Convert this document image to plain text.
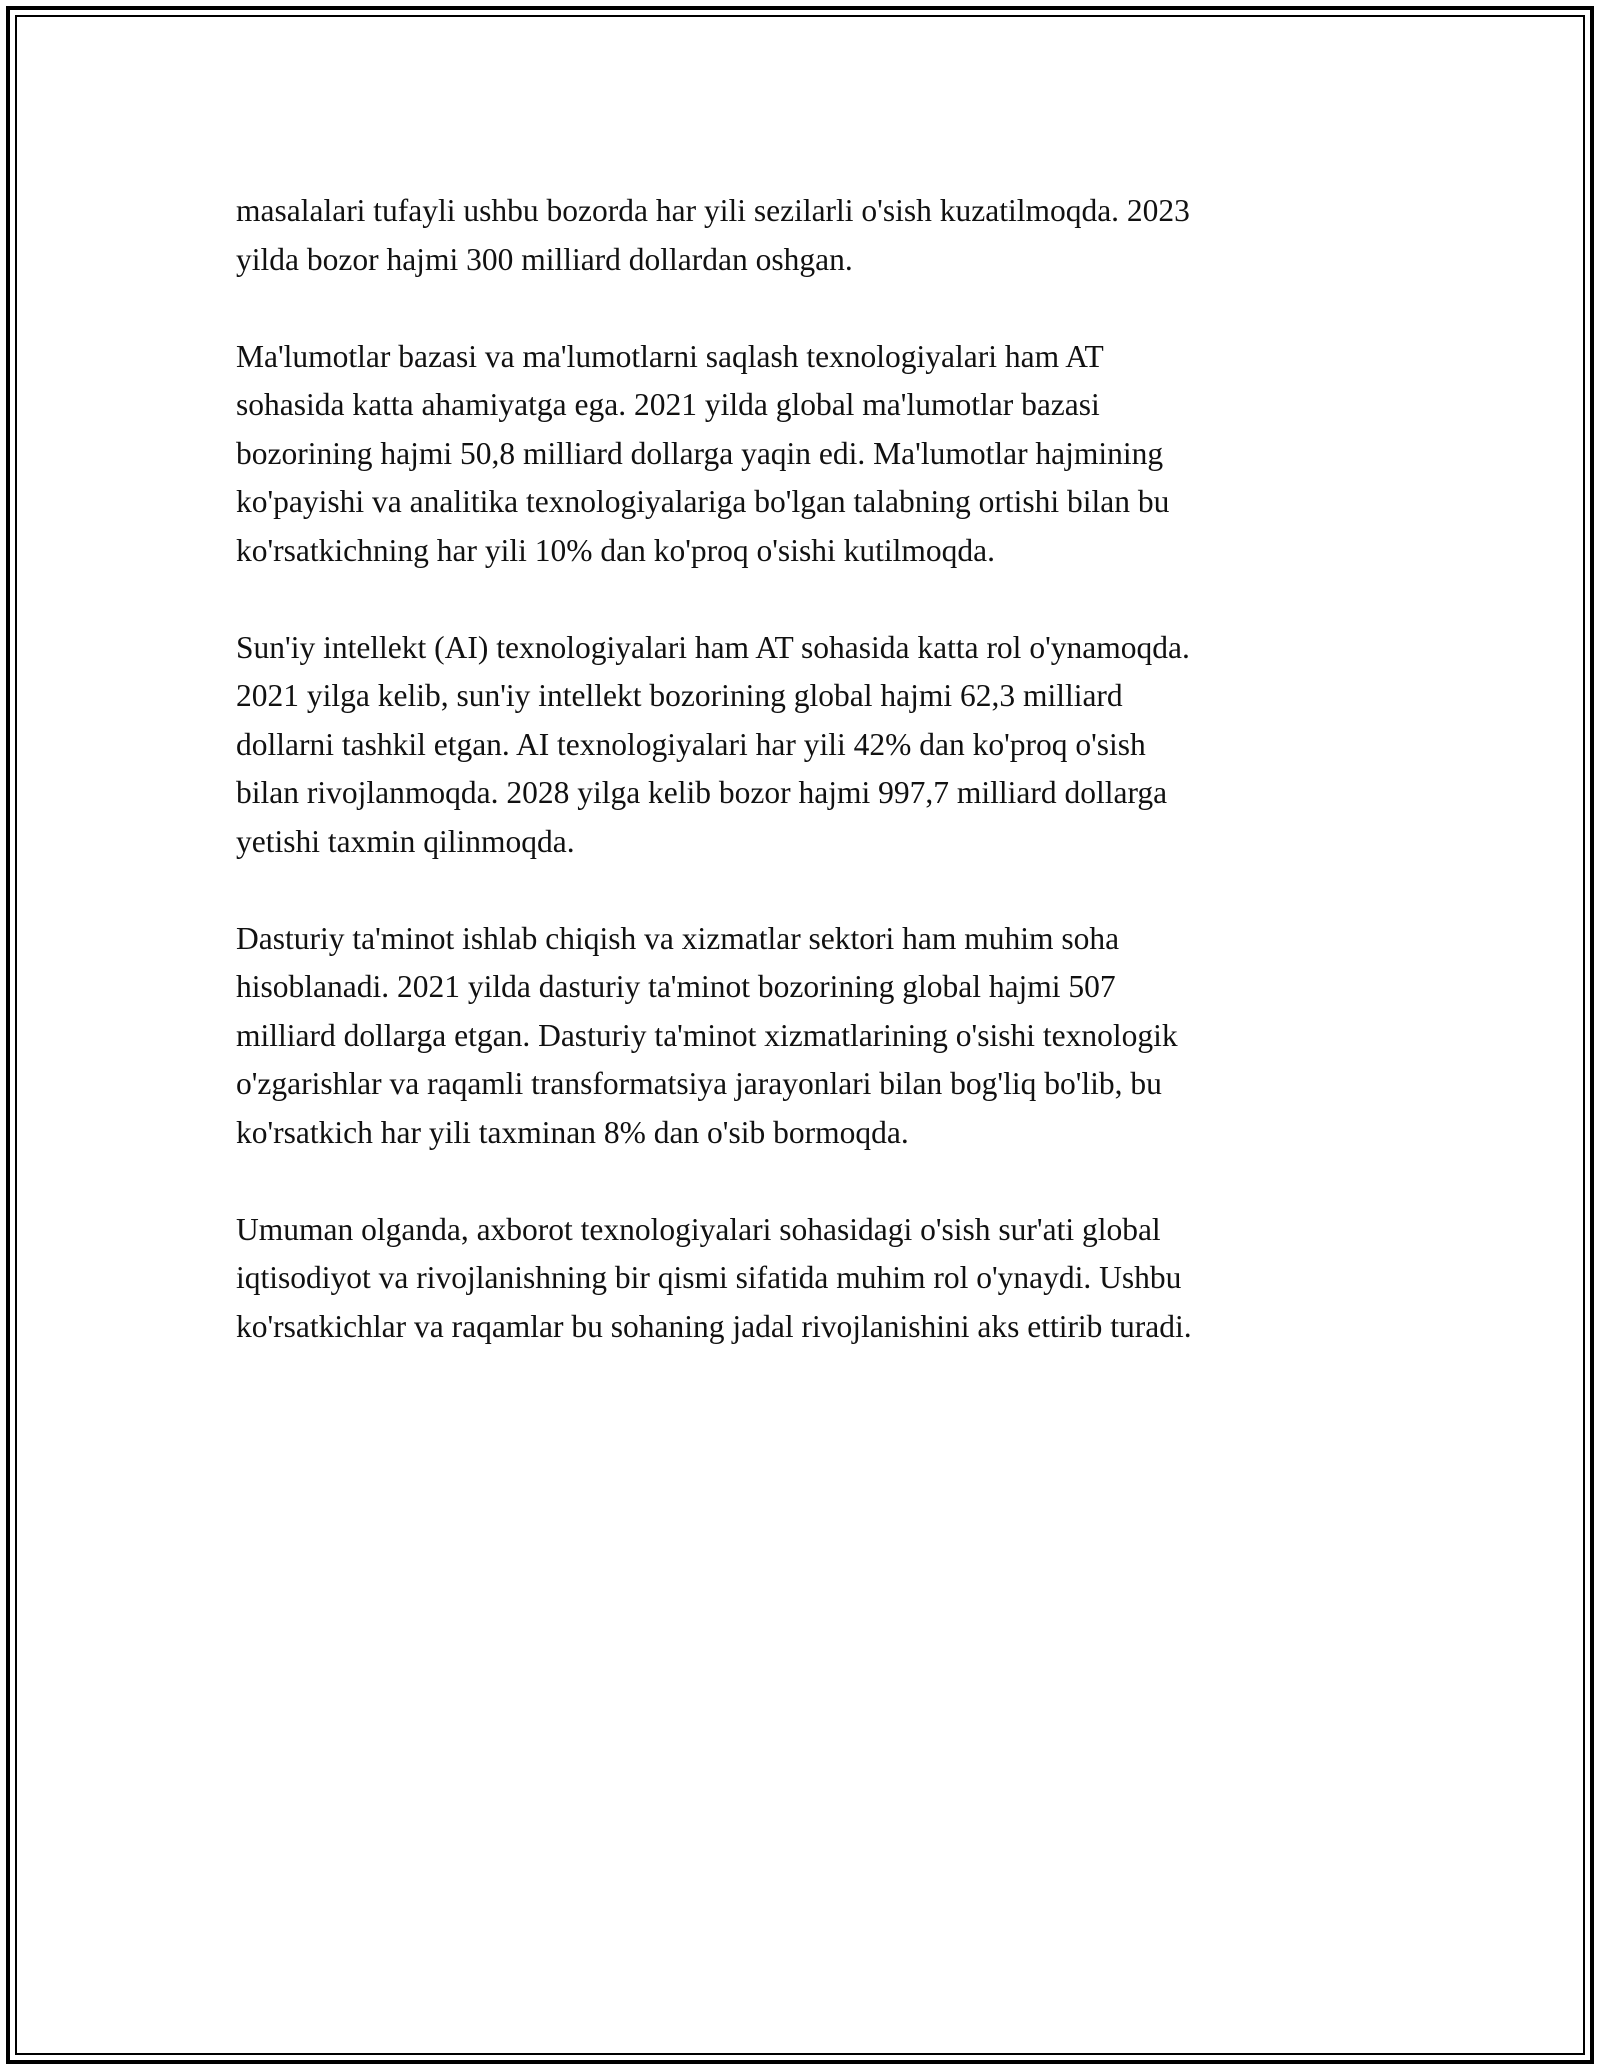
masalalari tufayli ushbu bozorda har yili sezilarli o'sish kuzatilmoqda. 2023
yilda bozor hajmi 300 milliard dollardan oshgan.

Ma'lumotlar bazasi va ma'lumotlarni saqlash texnologiyalari ham AT
sohasida katta ahamiyatga ega. 2021 yilda global ma'lumotlar bazasi
bozorining hajmi 50,8 milliard dollarga yaqin edi. Ma'lumotlar hajmining
ko'payishi va analitika texnologiyalariga bo'lgan talabning ortishi bilan bu
ko'rsatkichning har yili 10% dan ko'proq o'sishi kutilmoqda.

Sun'iy intellekt (AI) texnologiyalari ham AT sohasida katta rol o'ynamoqda.
2021 yilga kelib, sun'iy intellekt bozorining global hajmi 62,3 milliard
dollarni tashkil etgan. AI texnologiyalari har yili 42% dan ko'proq o'sish
bilan rivojlanmoqda. 2028 yilga kelib bozor hajmi 997,7 milliard dollarga
yetishi taxmin qilinmoqda.

Dasturiy ta'minot ishlab chiqish va xizmatlar sektori ham muhim soha
hisoblanadi. 2021 yilda dasturiy ta'minot bozorining global hajmi 507
milliard dollarga etgan. Dasturiy ta'minot xizmatlarining o'sishi texnologik
o'zgarishlar va raqamli transformatsiya jarayonlari bilan bog'liq bo'lib, bu
ko'rsatkich har yili taxminan 8% dan o'sib bormoqda.

Umuman olganda, axborot texnologiyalari sohasidagi o'sish sur'ati global
iqtisodiyot va rivojlanishning bir qismi sifatida muhim rol o'ynaydi. Ushbu
ko'rsatkichlar va raqamlar bu sohaning jadal rivojlanishini aks ettirib turadi.
